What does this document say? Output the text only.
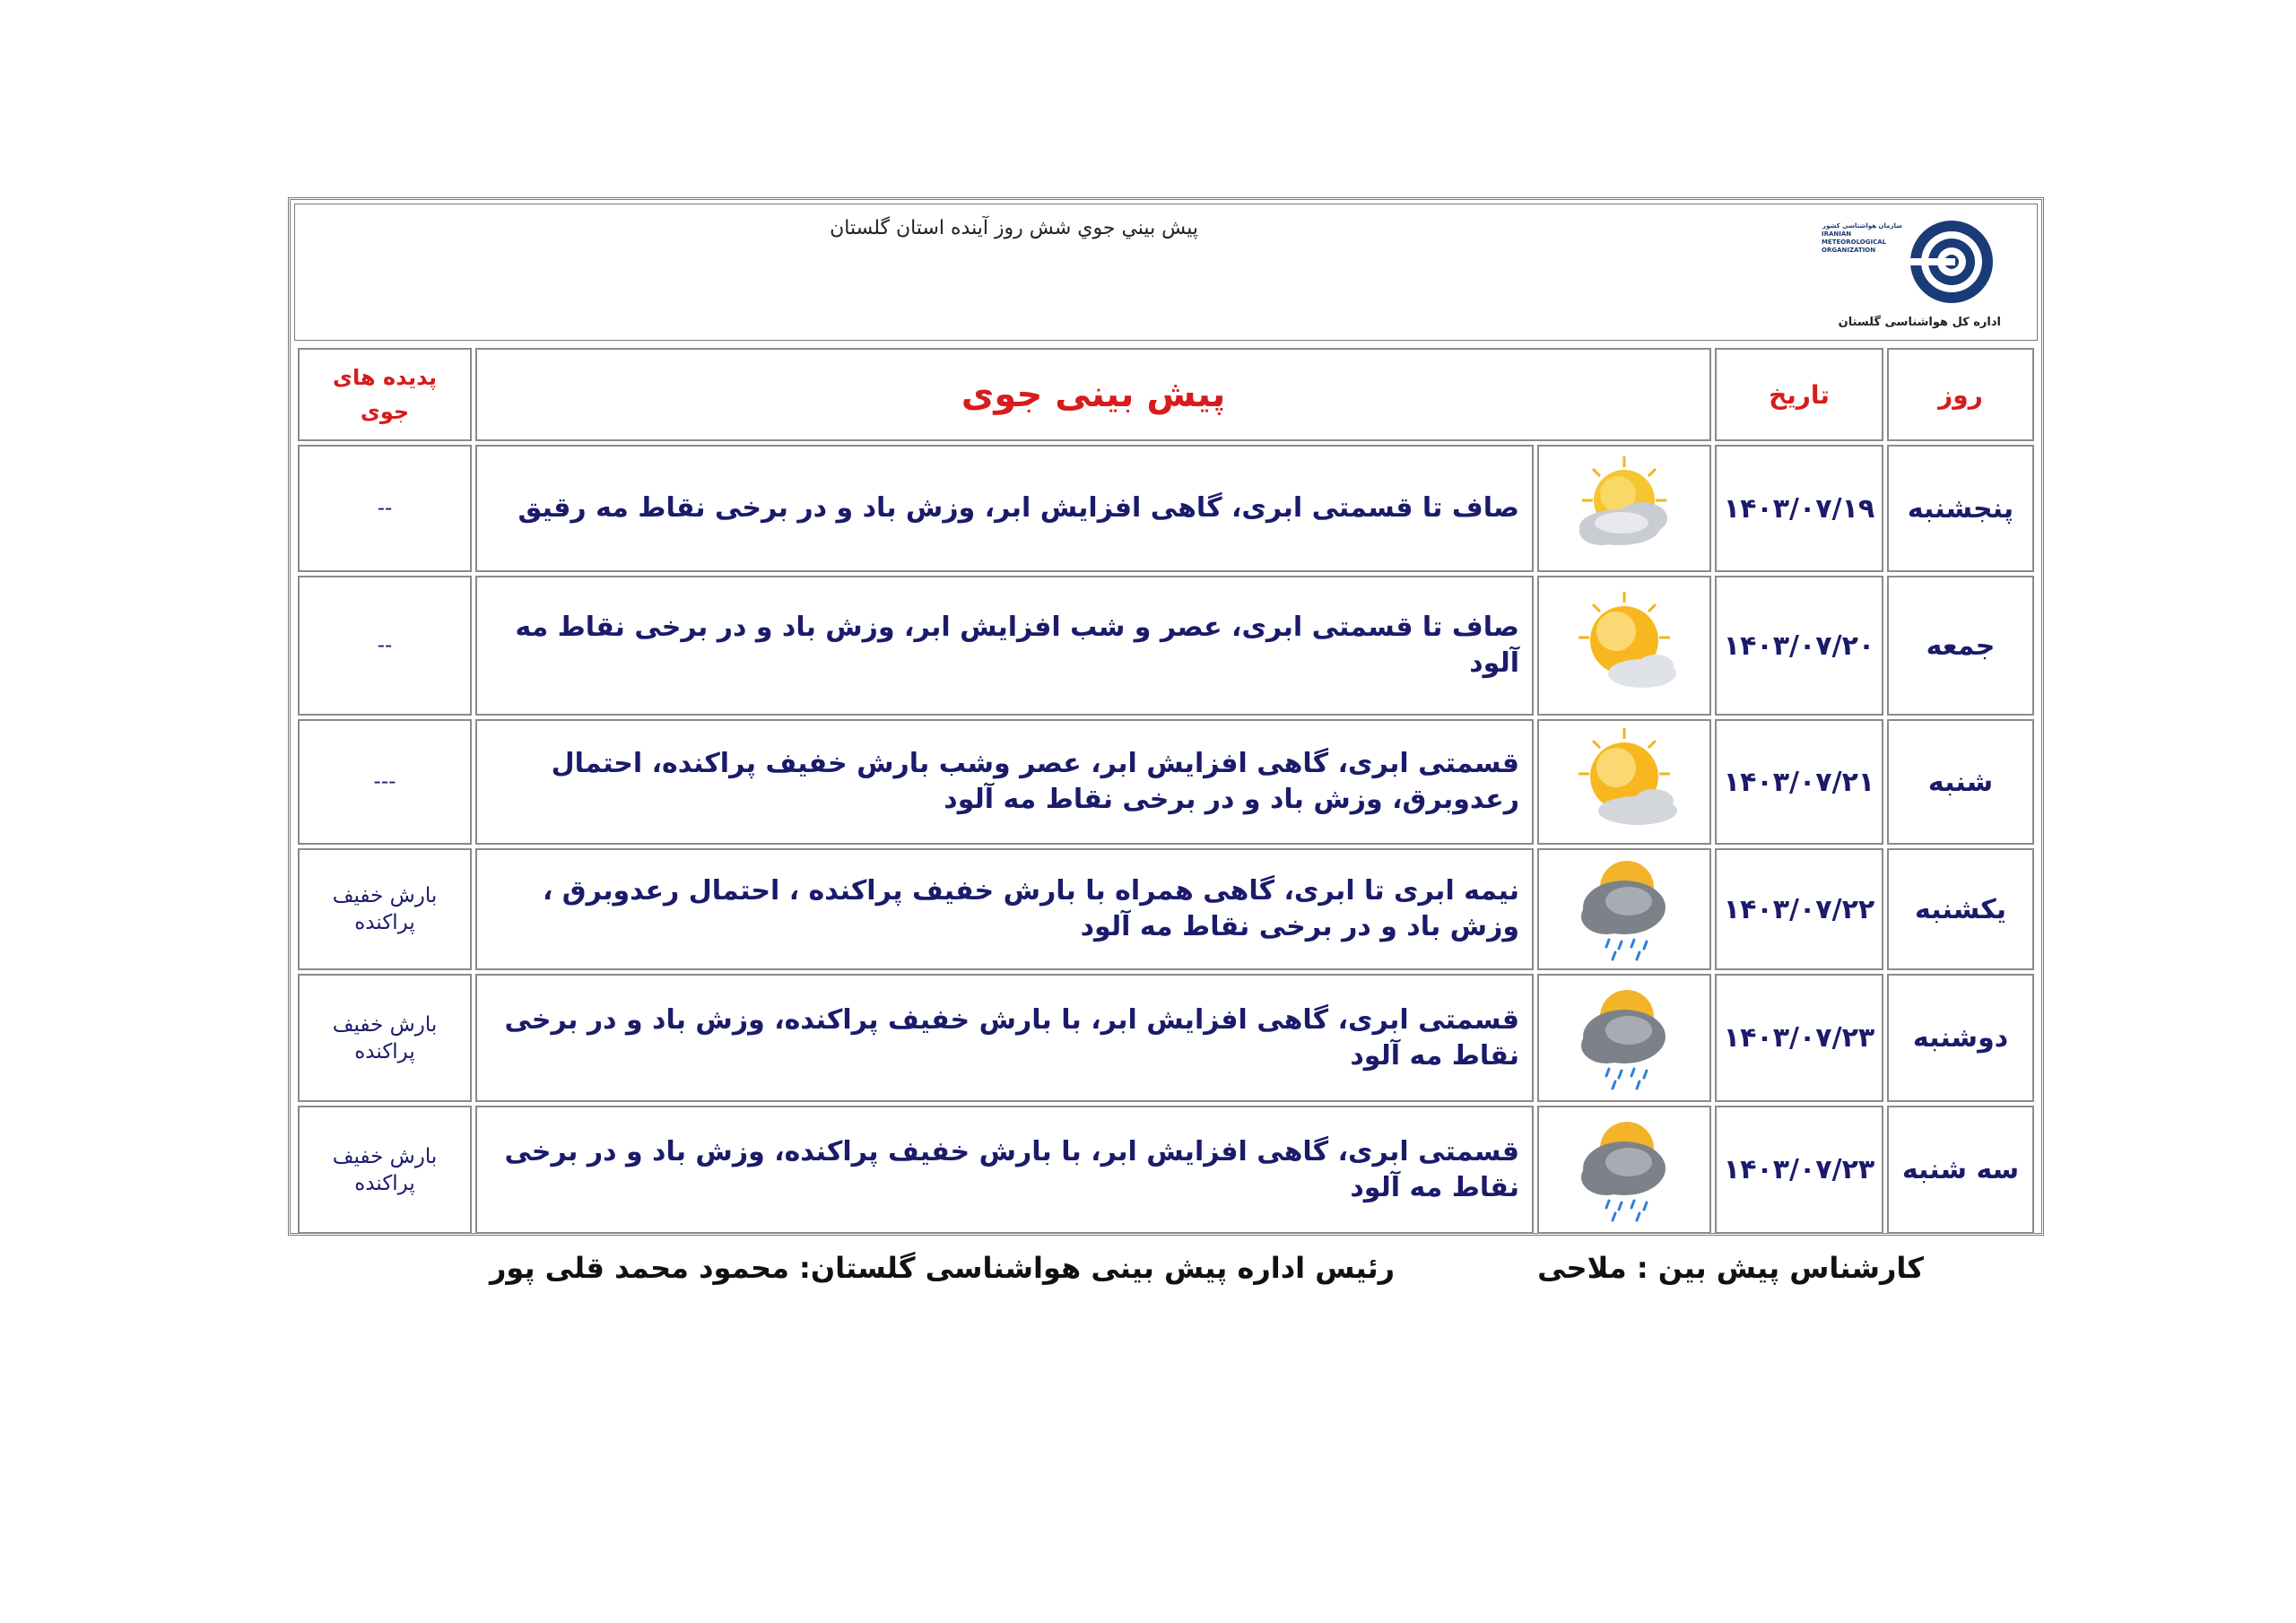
پيش بيني جوي شش روز آينده استان گلستان	سازمان هواشناسی کشور
IRANIAN
METEOROLOGICAL
ORGANIZATION
اداره کل هواشناسی گلستان
روز	تاریخ	پیش بینی جوی		پدیده های
جوی

پنجشنبه	۱۴۰۳/۰۷/۱۹		صاف تا قسمتی ابری، گاهی افزایش ابر، وزش باد و در برخی نقاط مه رقیق	--
جمعه	۱۴۰۳/۰۷/۲۰		صاف تا قسمتی ابری، عصر و شب افزایش ابر، وزش باد و در برخی نقاط مه آلود	--
شنبه	۱۴۰۳/۰۷/۲۱		قسمتی ابری، گاهی افزایش ابر، عصر وشب بارش خفیف پراکنده، احتمال رعدوبرق، وزش باد و در برخی نقاط مه آلود	---
یکشنبه	۱۴۰۳/۰۷/۲۲		نیمه ابری تا ابری، گاهی همراه با بارش خفیف پراکنده ، احتمال رعدوبرق ، وزش باد و در برخی نقاط مه آلود	بارش خفیف پراکنده
دوشنبه	۱۴۰۳/۰۷/۲۳		قسمتی ابری، گاهی افزایش ابر، با بارش خفیف پراکنده، وزش باد و در برخی نقاط مه آلود	بارش خفیف پراکنده
سه شنبه	۱۴۰۳/۰۷/۲۳		قسمتی ابری، گاهی افزایش ابر، با بارش خفیف پراکنده، وزش باد و در برخی نقاط مه آلود	بارش خفیف پراکنده
کارشناس پیش بین : ملاحی
رئیس اداره پیش بینی هواشناسی گلستان: محمود محمد قلی پور
